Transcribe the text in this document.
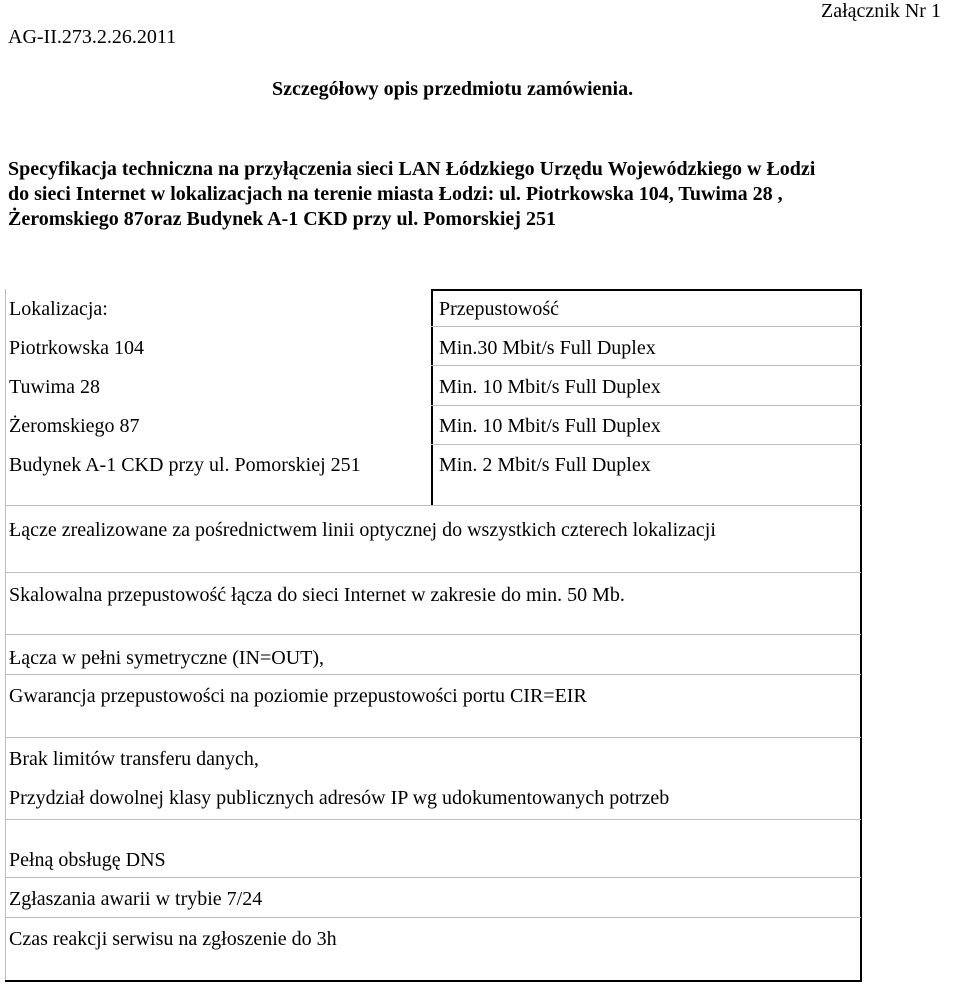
AG-II.273.2.26.2011
Załącznik Nr 1
Szczegółowy opis przedmiotu zamówienia.
Specyfikacja techniczna na przyłączenia sieci LAN Łódzkiego Urzędu Wojewódzkiego w Łodzi
do sieci Internet w lokalizacjach na terenie miasta Łodzi: ul. Piotrkowska 104, Tuwima 28 ,
Żeromskiego 87oraz Budynek A-1 CKD przy ul. Pomorskiej 251
Lokalizacja:	Przepustowość
Piotrkowska 104	Min.30 Mbit/s Full Duplex
Tuwima 28	Min. 10 Mbit/s Full Duplex
Żeromskiego 87	Min. 10 Mbit/s Full Duplex
Budynek A-1 CKD przy ul. Pomorskiej 251	Min. 2 Mbit/s Full Duplex
Łącze zrealizowane za pośrednictwem linii optycznej do wszystkich czterech lokalizacji
Skalowalna przepustowość łącza do sieci Internet w zakresie do min. 50 Mb.
Łącza w pełni symetryczne (IN=OUT),
Gwarancja przepustowości na poziomie przepustowości portu CIR=EIR
Brak limitów transferu danych,
Przydział dowolnej klasy publicznych adresów IP wg udokumentowanych potrzeb
Pełną obsługę DNS
Zgłaszania awarii w trybie 7/24
Czas reakcji serwisu na zgłoszenie do 3h
